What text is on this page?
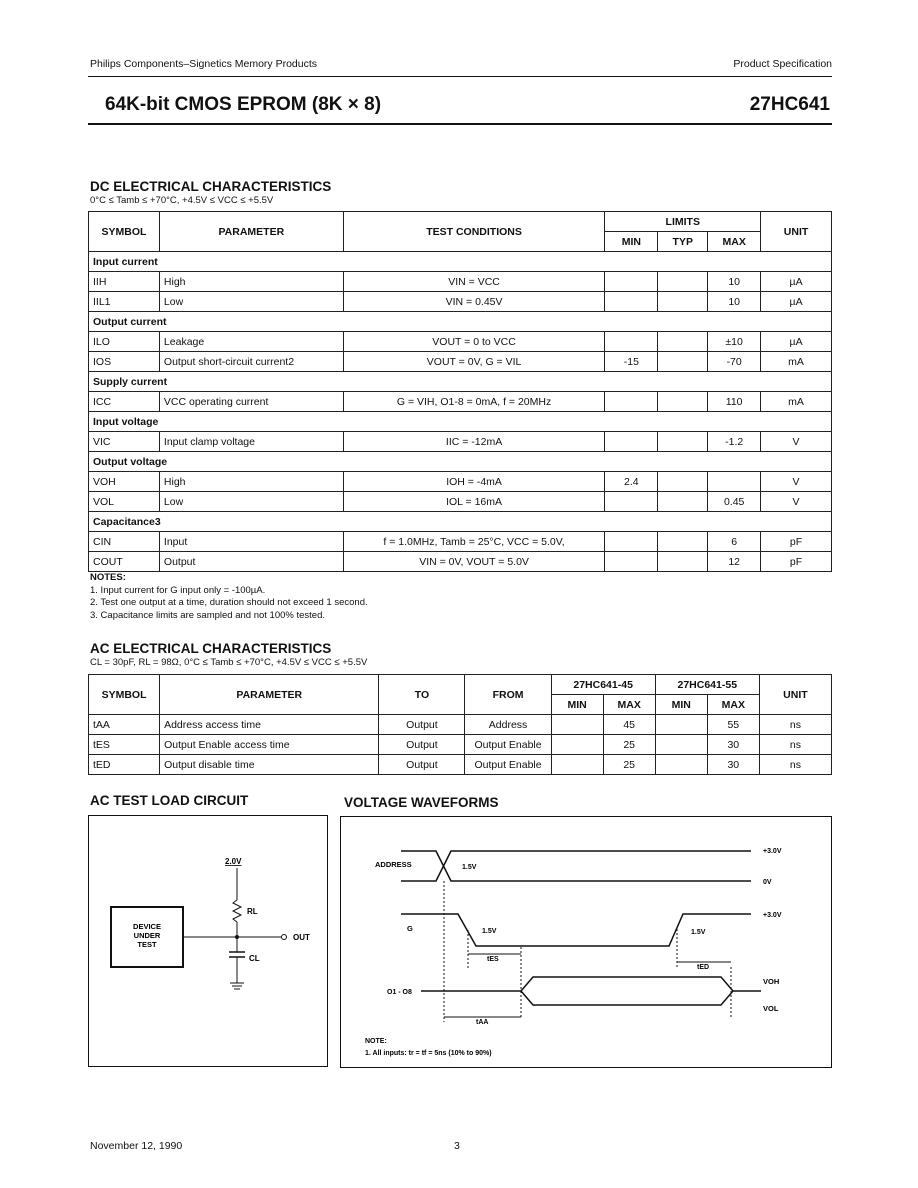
Philips Components–Signetics Memory Products	Product Specification
64K-bit CMOS EPROM (8K × 8)	27HC641
DC ELECTRICAL CHARACTERISTICS
0°C ≤ Tamb ≤ +70°C, +4.5V ≤ VCC ≤ +5.5V
SYMBOL	PARAMETER	TEST CONDITIONS	LIMITS			UNIT
			MIN	TYP	MAX	
Input current						
IIH	High	VIN = VCC			10	µA
IIL1	Low	VIN = 0.45V			10	µA
Output current						
ILO	Leakage	VOUT = 0 to VCC			±10	µA
IOS	Output short-circuit current2	VOUT = 0V, G = VIL	-15		-70	mA
Supply current						
ICC	VCC operating current	G = VIH, O1-8 = 0mA, f = 20MHz			110	mA
Input voltage						
VIC	Input clamp voltage	IIC = -12mA			-1.2	V
Output voltage						
VOH	High	IOH = -4mA	2.4			V
VOL	Low	IOL = 16mA			0.45	V
Capacitance3						
CIN	Input	f = 1.0MHz, Tamb = 25°C, VCC = 5.0V,			6	pF
COUT	Output	VIN = 0V, VOUT = 5.0V			12	pF
NOTES:
1. Input current for G input only = -100µA.
2. Test one output at a time, duration should not exceed 1 second.
3. Capacitance limits are sampled and not 100% tested.
AC ELECTRICAL CHARACTERISTICS
CL = 30pF, RL = 98Ω, 0°C ≤ Tamb ≤ +70°C, +4.5V ≤ VCC ≤ +5.5V
SYMBOL	PARAMETER	TO	FROM	27HC641-45		27HC641-55		UNIT
				MIN	MAX	MIN	MAX	
tAA	Address access time	Output	Address		45		55	ns
tES	Output Enable access time	Output	Output Enable		25		30	ns
tED	Output disable time	Output	Output Enable		25		30	ns
AC TEST LOAD CIRCUIT
DEVICE
UNDER
TEST
OUT
2.0V
RL
CL
VOLTAGE WAVEFORMS
ADDRESS	1.5V
+3.0V
0V
G	1.5V	1.5V
+3.0V
tES
tED
O1 - O8
VOH
VOL
tAA
NOTE:
1. All inputs: tr = tf = 5ns (10% to 90%)
November 12, 1990	3
